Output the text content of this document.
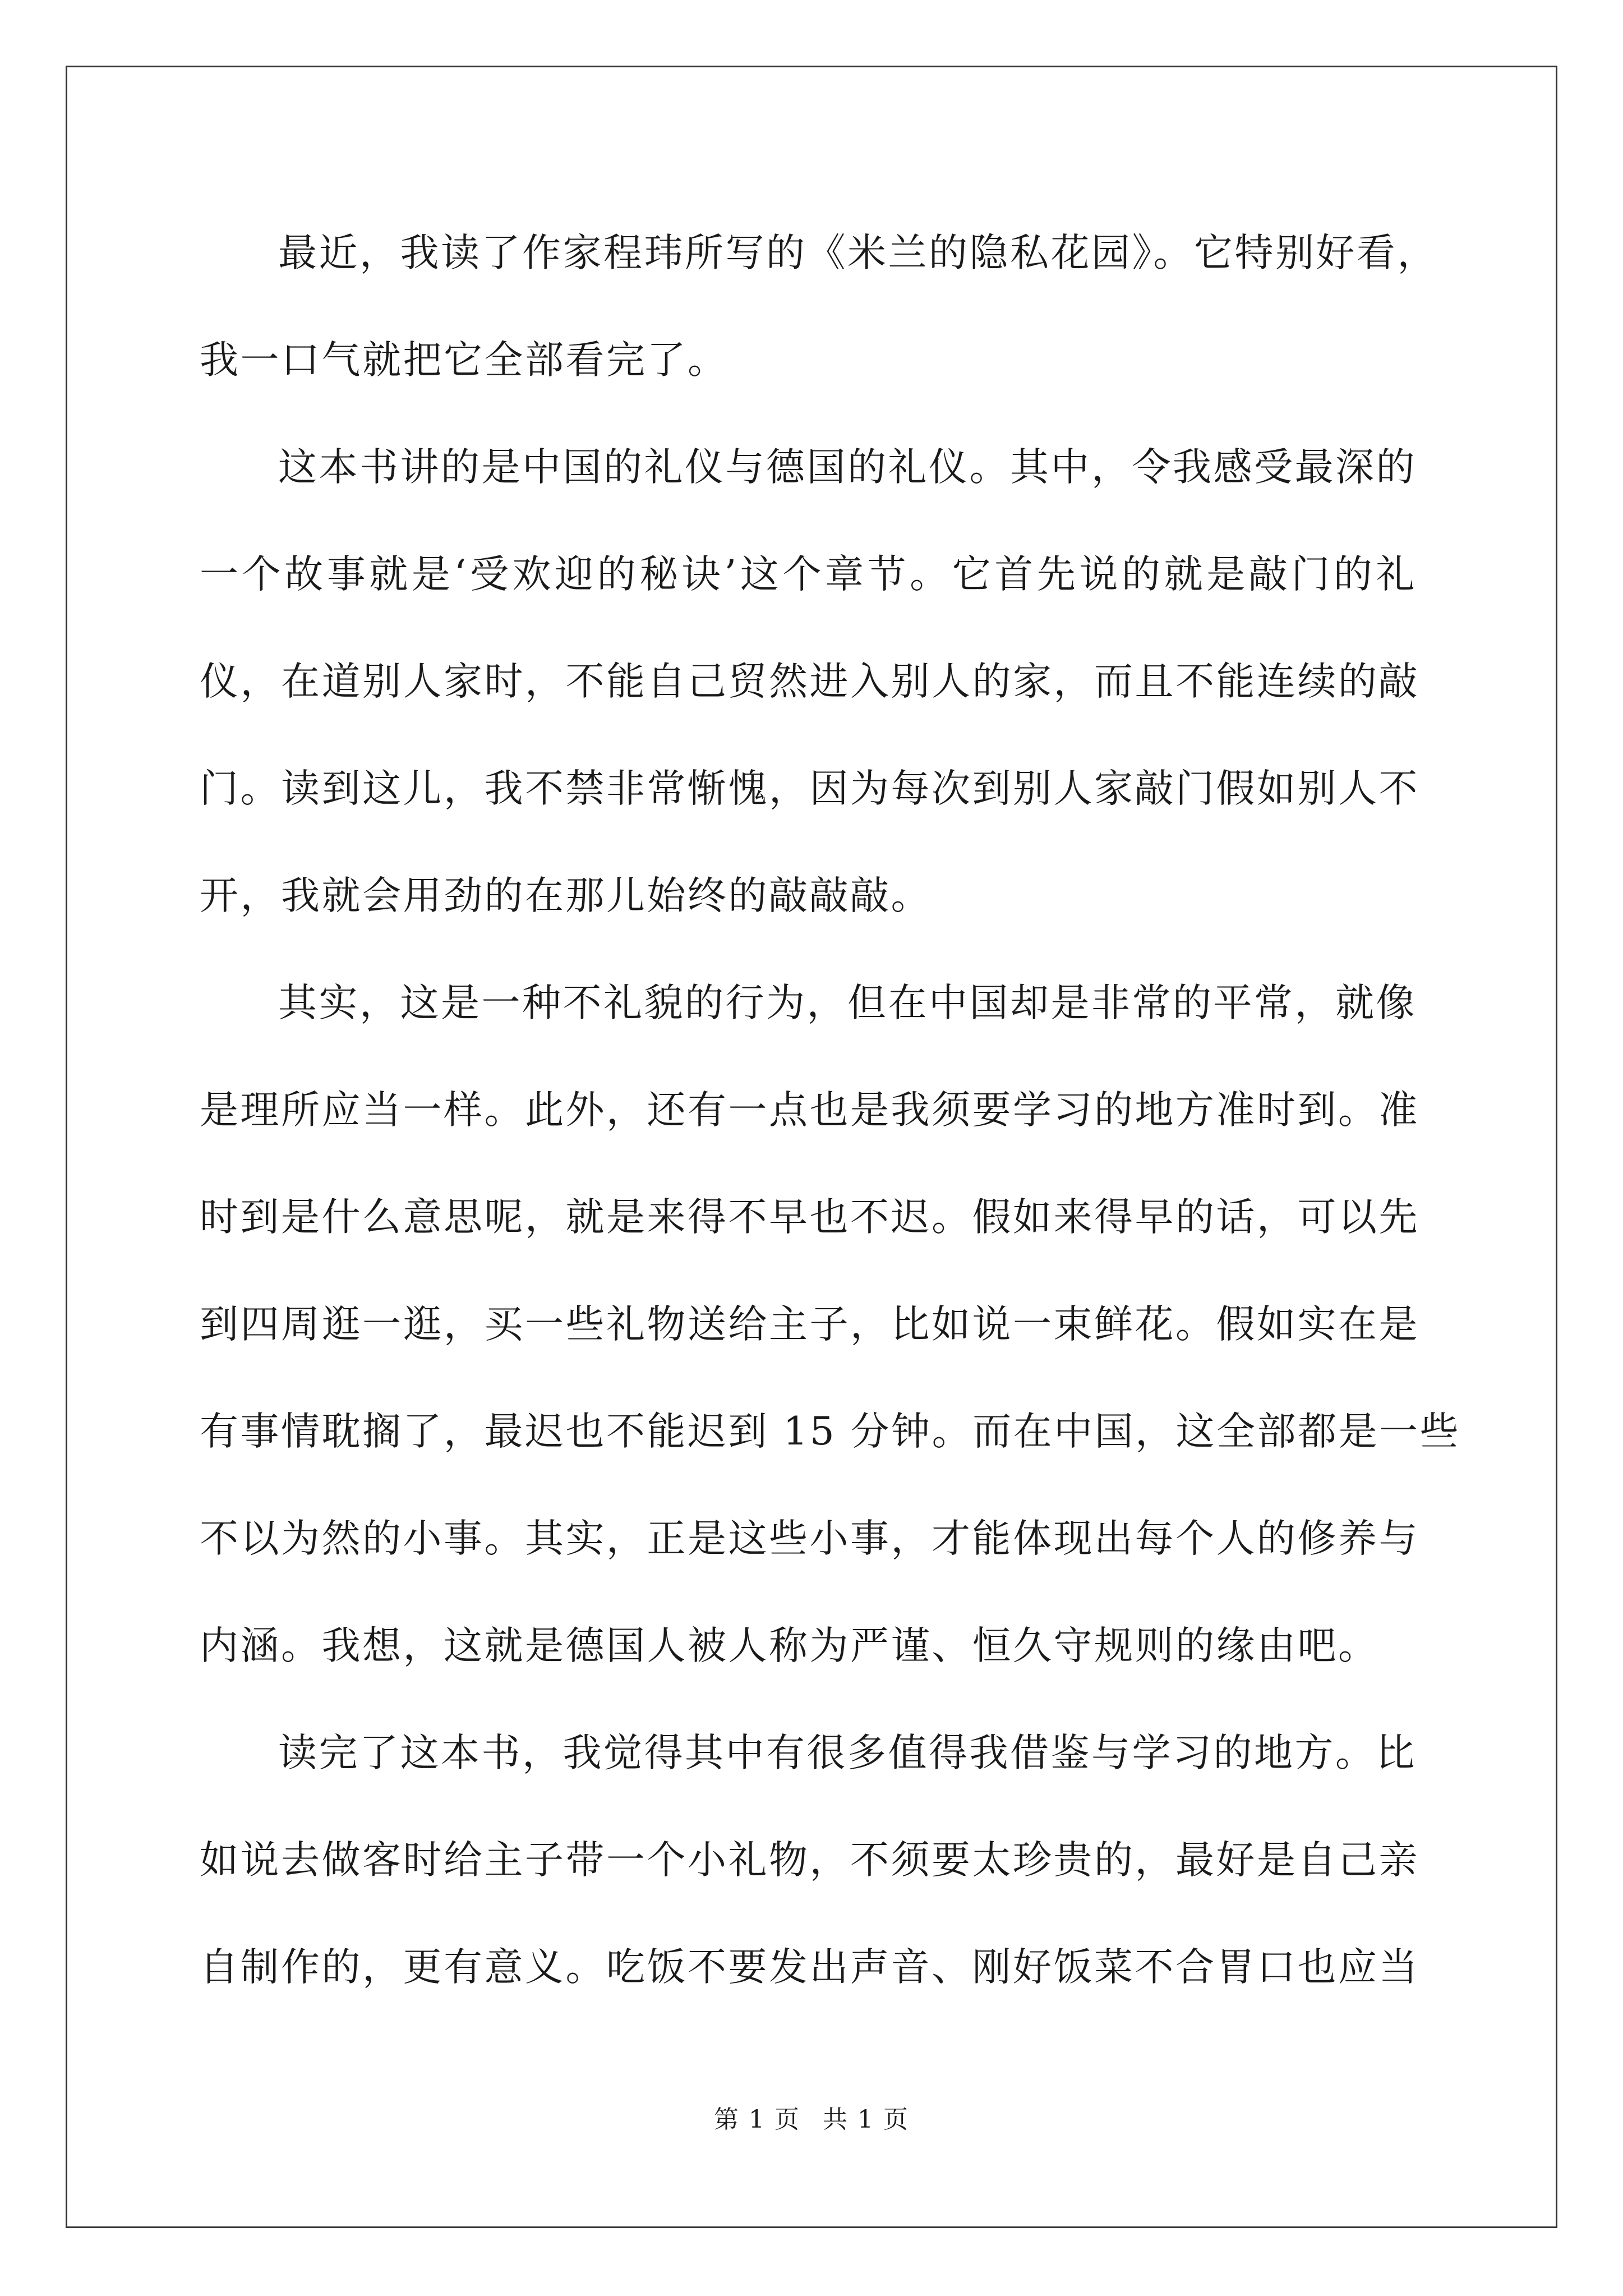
最近，我读了作家程玮所写的《米兰的隐私花园》。它特别好看，
我一口气就把它全部看完了。
这本书讲的是中国的礼仪与德国的礼仪。其中，令我感受最深的
一个故事就是‘受欢迎的秘诀’这个章节。它首先说的就是敲门的礼
仪，在道别人家时，不能自己贸然进入别人的家，而且不能连续的敲
门。读到这儿，我不禁非常惭愧，因为每次到别人家敲门假如别人不
开，我就会用劲的在那儿始终的敲敲敲。
其实，这是一种不礼貌的行为，但在中国却是非常的平常，就像
是理所应当一样。此外，还有一点也是我须要学习的地方准时到。准
时到是什么意思呢，就是来得不早也不迟。假如来得早的话，可以先
到四周逛一逛，买一些礼物送给主子，比如说一束鲜花。假如实在是
有事情耽搁了，最迟也不能迟到 15 分钟。而在中国，这全部都是一些
不以为然的小事。其实，正是这些小事，才能体现出每个人的修养与
内涵。我想，这就是德国人被人称为严谨、恒久守规则的缘由吧。
读完了这本书，我觉得其中有很多值得我借鉴与学习的地方。比
如说去做客时给主子带一个小礼物，不须要太珍贵的，最好是自己亲
自制作的，更有意义。吃饭不要发出声音、刚好饭菜不合胃口也应当
第 1 页 共 1 页
